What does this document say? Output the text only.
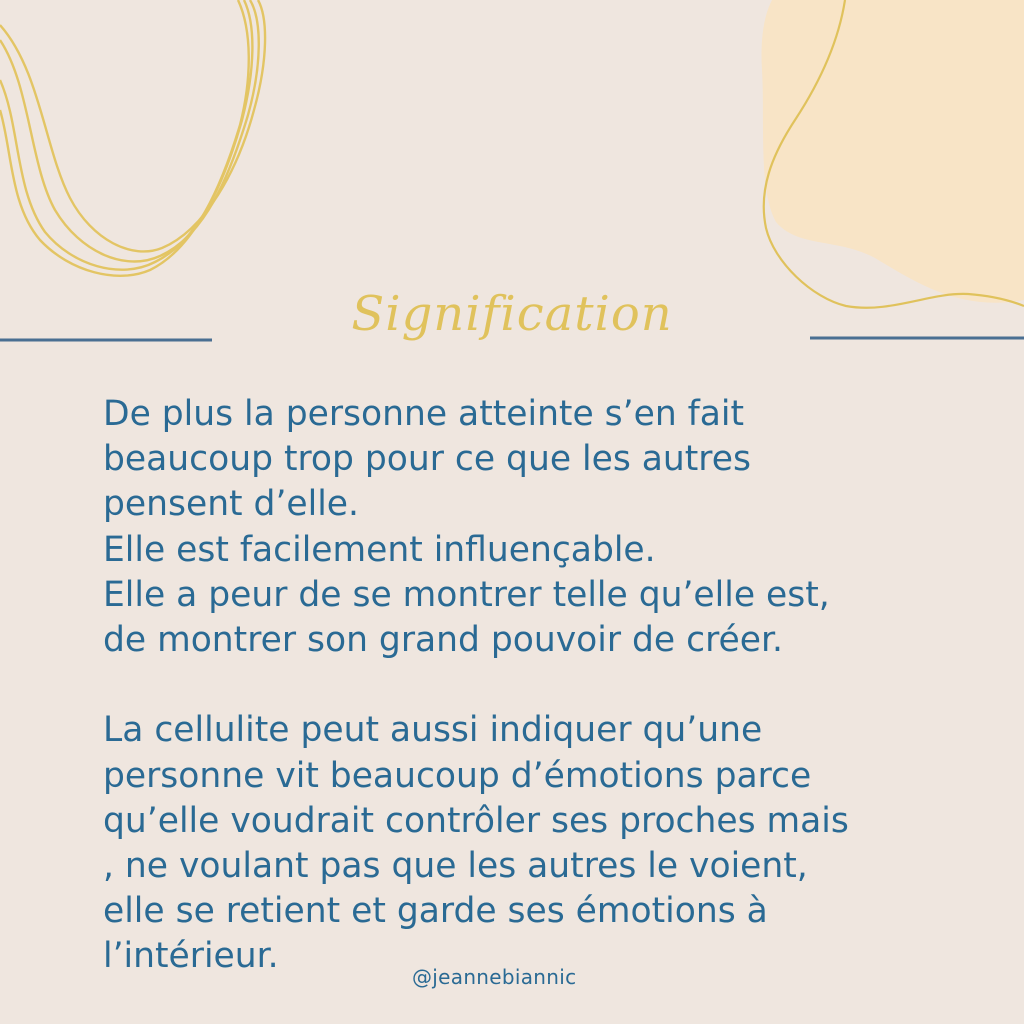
Signification

De plus la personne atteinte s’en fait
beaucoup trop pour ce que les autres
pensent d’elle.
Elle est facilement influençable.
Elle a peur de se montrer telle qu’elle est,
de montrer son grand pouvoir de créer.

La cellulite peut aussi indiquer qu’une
personne vit beaucoup d’émotions parce
qu’elle voudrait contrôler ses proches mais
, ne voulant pas que les autres le voient,
elle se retient et garde ses émotions à
l’intérieur.

@jeannebiannic
